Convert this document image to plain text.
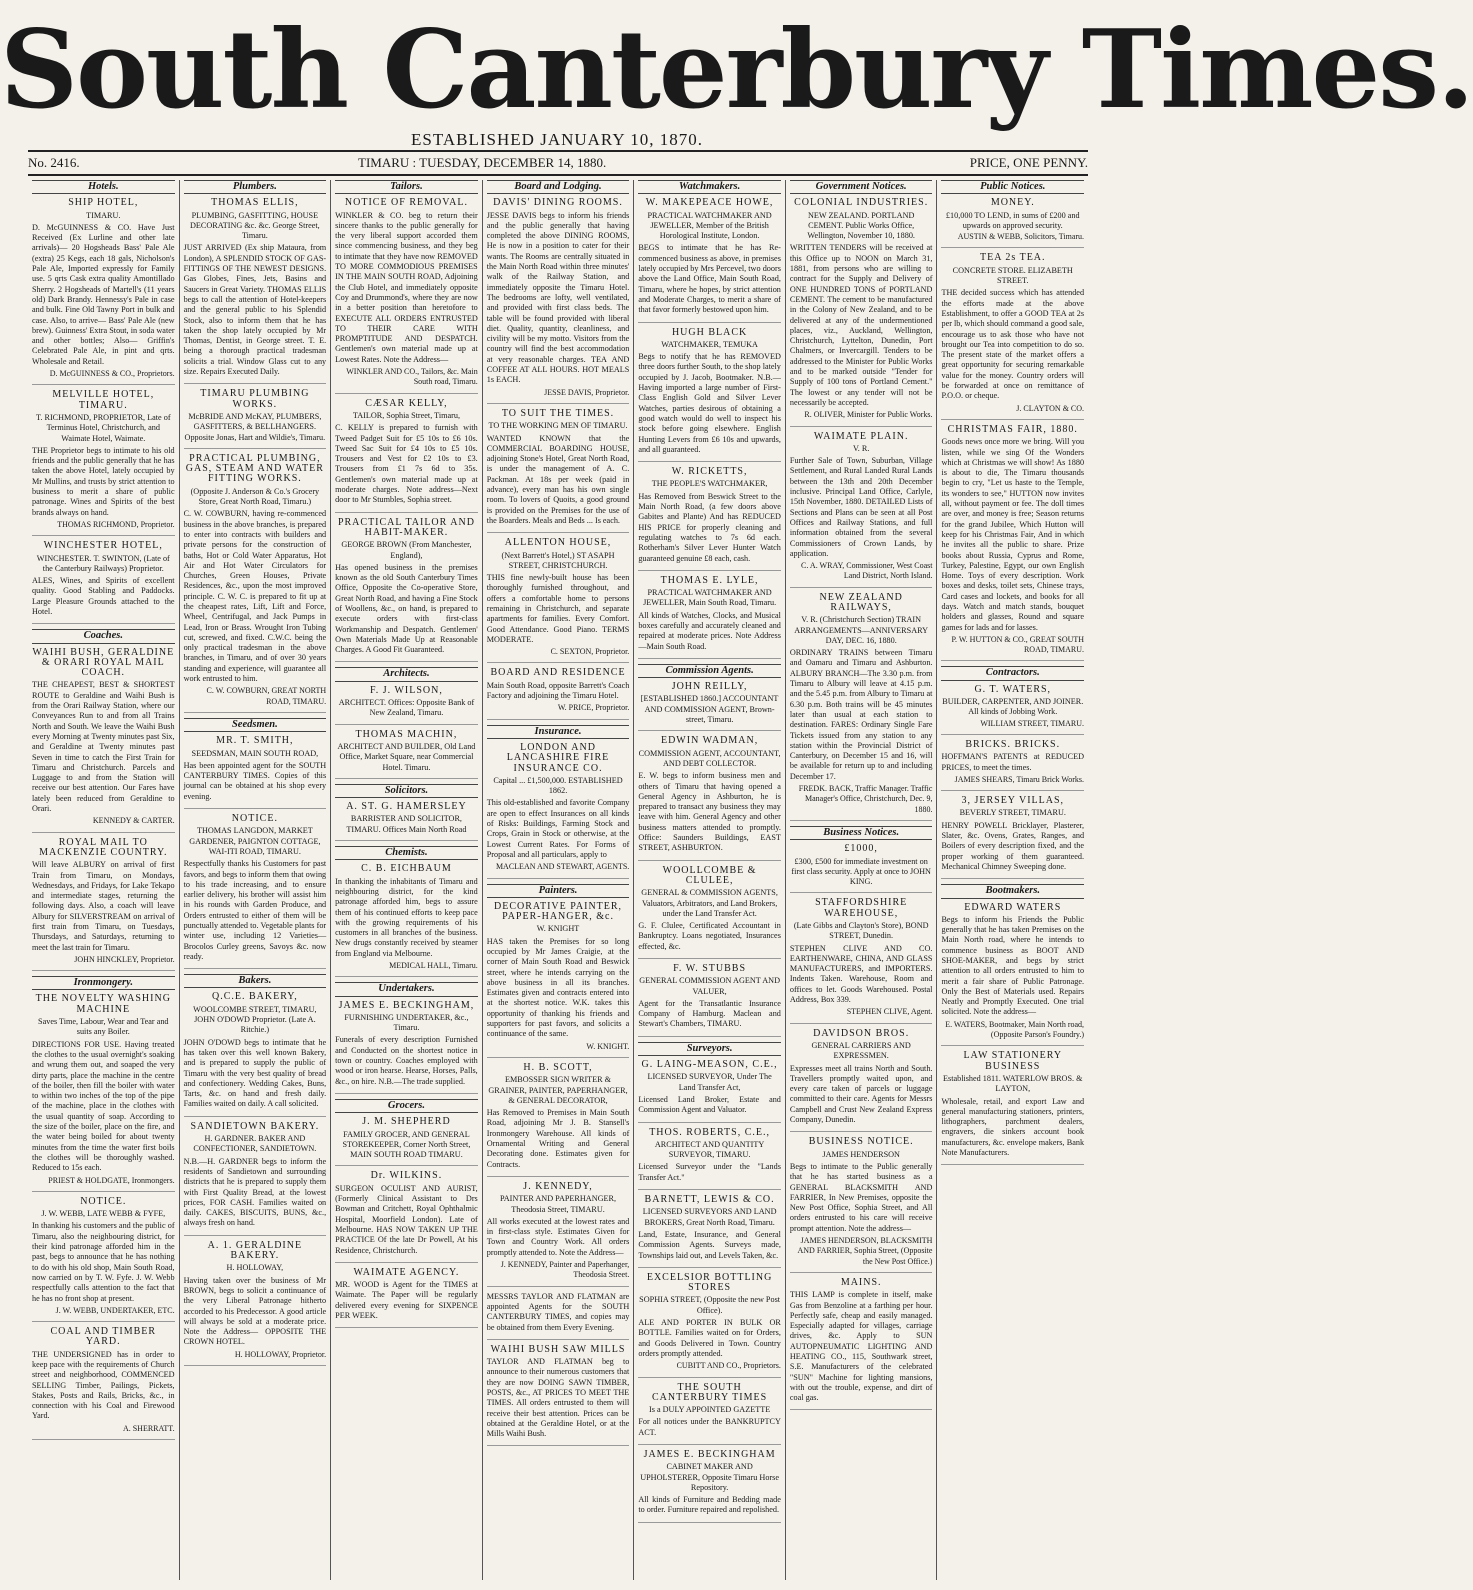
South Canterbury Times.
ESTABLISHED JANUARY 10, 1870.
No. 2416.	TIMARU : TUESDAY, DECEMBER 14, 1880.	PRICE, ONE PENNY.
Hotels.
SHIP HOTEL,
TIMARU.
D. McGUINNESS & CO. Have Just Received (Ex Lurline and other late arrivals)— 20 Hogsheads Bass' Pale Ale (extra) 25 Kegs, each 18 gals, Nicholson's Pale Ale, Imported expressly for Family use. 5 qrts Cask extra quality Amontillado Sherry. 2 Hogsheads of Martell's (11 years old) Dark Brandy. Hennessy's Pale in case and bulk. Fine Old Tawny Port in bulk and case. Also, to arrive— Bass' Pale Ale (new brew). Guinness' Extra Stout, in soda water and other bottles; Also— Griffin's Celebrated Pale Ale, in pint and qrts. Wholesale and Retail.
D. McGUINNESS & CO., Proprietors.
MELVILLE HOTEL, TIMARU.
T. RICHMOND, PROPRIETOR, Late of Terminus Hotel, Christchurch, and Waimate Hotel, Waimate.
THE Proprietor begs to intimate to his old friends and the public generally that he has taken the above Hotel, lately occupied by Mr Mullins, and trusts by strict attention to business to merit a share of public patronage. Wines and Spirits of the best brands always on hand.
THOMAS RICHMOND, Proprietor.
WINCHESTER HOTEL,
WINCHESTER. T. SWINTON, (Late of the Canterbury Railways) Proprietor.
ALES, Wines, and Spirits of excellent quality. Good Stabling and Paddocks. Large Pleasure Grounds attached to the Hotel.
Coaches.
WAIHI BUSH, GERALDINE & ORARI ROYAL MAIL COACH.
THE CHEAPEST, BEST & SHORTEST ROUTE to Geraldine and Waihi Bush is from the Orari Railway Station, where our Conveyances Run to and from all Trains North and South. We leave the Waihi Bush every Morning at Twenty minutes past Six, and Geraldine at Twenty minutes past Seven in time to catch the First Train for Timaru and Christchurch. Parcels and Luggage to and from the Station will receive our best attention. Our Fares have lately been reduced from Geraldine to Orari.
KENNEDY & CARTER.
ROYAL MAIL TO MACKENZIE COUNTRY.
Will leave ALBURY on arrival of first Train from Timaru, on Mondays, Wednesdays, and Fridays, for Lake Tekapo and intermediate stages, returning the following days. Also, a coach will leave Albury for SILVERSTREAM on arrival of first train from Timaru, on Tuesdays, Thursdays, and Saturdays, returning to meet the last train for Timaru.
JOHN HINCKLEY, Proprietor.
Ironmongery.
THE NOVELTY WASHING MACHINE
Saves Time, Labour, Wear and Tear and suits any Boiler.
DIRECTIONS FOR USE. Having treated the clothes to the usual overnight's soaking and wrung them out, and soaped the very dirty parts, place the machine in the centre of the boiler, then fill the boiler with water to within two inches of the top of the pipe of the machine, place in the clothes with the usual quantity of soap. According to the size of the boiler, place on the fire, and the water being boiled for about twenty minutes from the time the water first boils the clothes will be thoroughly washed. Reduced to 15s each.
PRIEST & HOLDGATE, Ironmongers.
NOTICE.
J. W. WEBB, LATE WEBB & FYFE,
In thanking his customers and the public of Timaru, also the neighbouring district, for their kind patronage afforded him in the past, begs to announce that he has nothing to do with his old shop, Main South Road, now carried on by T. W. Fyfe. J. W. Webb respectfully calls attention to the fact that he has no front shop at present.
J. W. WEBB, UNDERTAKER, ETC.
COAL AND TIMBER YARD.
THE UNDERSIGNED has in order to keep pace with the requirements of Church street and neighborhood, COMMENCED SELLING Timber, Pailings, Pickets, Stakes, Posts and Rails, Bricks, &c., in connection with his Coal and Firewood Yard.
A. SHERRATT.
Plumbers.
THOMAS ELLIS,
PLUMBING, GASFITTING, HOUSE DECORATING &c. &c. George Street, Timaru.
JUST ARRIVED (Ex ship Mataura, from London), A SPLENDID STOCK OF GAS-FITTINGS OF THE NEWEST DESIGNS. Gas Globes, Fines, Jets, Basins and Saucers in Great Variety. THOMAS ELLIS begs to call the attention of Hotel-keepers and the general public to his Splendid Stock, also to inform them that he has taken the shop lately occupied by Mr Thomas, Dentist, in George street. T. E. being a thorough practical tradesman solicits a trial. Window Glass cut to any size. Repairs Executed Daily.
TIMARU PLUMBING WORKS.
McBRIDE AND McKAY, PLUMBERS, GASFITTERS, & BELLHANGERS. Opposite Jonas, Hart and Wildie's, Timaru.
PRACTICAL PLUMBING, GAS, STEAM AND WATER FITTING WORKS.
(Opposite J. Anderson & Co.'s Grocery Store, Great North Road, Timaru.)
C. W. COWBURN, having re-commenced business in the above branches, is prepared to enter into contracts with builders and private persons for the construction of baths, Hot or Cold Water Apparatus, Hot Air and Hot Water Circulators for Churches, Green Houses, Private Residences, &c., upon the most improved principle. C. W. C. is prepared to fit up at the cheapest rates, Lift, Lift and Force, Wheel, Centrifugal, and Jack Pumps in Lead, Iron or Brass. Wrought Iron Tubing cut, screwed, and fixed. C.W.C. being the only practical tradesman in the above branches, in Timaru, and of over 30 years standing and experience, will guarantee all work entrusted to him.
C. W. COWBURN, GREAT NORTH ROAD, TIMARU.
Seedsmen.
MR. T. SMITH,
SEEDSMAN, MAIN SOUTH ROAD,
Has been appointed agent for the SOUTH CANTERBURY TIMES. Copies of this journal can be obtained at his shop every evening.
NOTICE.
THOMAS LANGDON, MARKET GARDENER, PAIGNTON COTTAGE, WAI-ITI ROAD, TIMARU.
Respectfully thanks his Customers for past favors, and begs to inform them that owing to his trade increasing, and to ensure earlier delivery, his brother will assist him in his rounds with Garden Produce, and Orders entrusted to either of them will be punctually attended to. Vegetable plants for winter use, including 12 Varieties—Brocolos Curley greens, Savoys &c. now ready.
Bakers.
Q.C.E. BAKERY,
WOOLCOMBE STREET, TIMARU, JOHN O'DOWD Proprietor. (Late A. Ritchie.)
JOHN O'DOWD begs to intimate that he has taken over this well known Bakery, and is prepared to supply the public of Timaru with the very best quality of bread and confectionery. Wedding Cakes, Buns, Tarts, &c. on hand and fresh daily. Families waited on daily. A call solicited.
SANDIETOWN BAKERY.
H. GARDNER. BAKER AND CONFECTIONER, SANDIETOWN.
N.B.—H. GARDNER begs to inform the residents of Sandietown and surrounding districts that he is prepared to supply them with First Quality Bread, at the lowest prices, FOR CASH. Families waited on daily. CAKES, BISCUITS, BUNS, &c., always fresh on hand.
A. 1. GERALDINE BAKERY.
H. HOLLOWAY,
Having taken over the business of Mr BROWN, begs to solicit a continuance of the very Liberal Patronage hitherto accorded to his Predecessor. A good article will always be sold at a moderate price. Note the Address— OPPOSITE THE CROWN HOTEL.
H. HOLLOWAY, Proprietor.
Tailors.
NOTICE OF REMOVAL.
WINKLER & CO. beg to return their sincere thanks to the public generally for the very liberal support accorded them since commencing business, and they beg to intimate that they have now REMOVED TO MORE COMMODIOUS PREMISES IN THE MAIN SOUTH ROAD, Adjoining the Club Hotel, and immediately opposite Coy and Drummond's, where they are now in a better position than heretofore to EXECUTE ALL ORDERS ENTRUSTED TO THEIR CARE WITH PROMPTITUDE AND DESPATCH. Gentlemen's own material made up at Lowest Rates. Note the Address—
WINKLER AND CO., Tailors, &c. Main South road, Timaru.
CÆSAR KELLY,
TAILOR, Sophia Street, Timaru,
C. KELLY is prepared to furnish with Tweed Padget Suit for £5 10s to £6 10s. Tweed Sac Suit for £4 10s to £5 10s. Trousers and Vest for £2 10s to £3. Trousers from £1 7s 6d to 35s. Gentlemen's own material made up at moderate charges. Note address—Next door to Mr Stumbles, Sophia street.
PRACTICAL TAILOR AND HABIT-MAKER.
GEORGE BROWN (From Manchester, England),
Has opened business in the premises known as the old South Canterbury Times Office, Opposite the Co-operative Store, Great North Road, and having a Fine Stock of Woollens, &c., on hand, is prepared to execute orders with first-class Workmanship and Despatch. Gentlemen' Own Materials Made Up at Reasonable Charges. A Good Fit Guaranteed.
Architects.
F. J. WILSON,
ARCHITECT. Offices: Opposite Bank of New Zealand, Timaru.
THOMAS MACHIN,
ARCHITECT AND BUILDER, Old Land Office, Market Square, near Commercial Hotel. Timaru.
Solicitors.
A. ST. G. HAMERSLEY
BARRISTER AND SOLICITOR, TIMARU. Offices Main North Road
Chemists.
C. B. EICHBAUM
In thanking the inhabitants of Timaru and neighbouring district, for the kind patronage afforded him, begs to assure them of his continued efforts to keep pace with the growing requirements of his customers in all branches of the business. New drugs constantly received by steamer from England via Melbourne.
MEDICAL HALL, Timaru.
Undertakers.
JAMES E. BECKINGHAM,
FURNISHING UNDERTAKER, &c., Timaru.
Funerals of every description Furnished and Conducted on the shortest notice in town or country. Coaches employed with wood or iron hearse. Hearse, Horses, Palls, &c., on hire. N.B.—The trade supplied.
Grocers.
J. M. SHEPHERD
FAMILY GROCER, AND GENERAL STOREKEEPER, Corner North Street, MAIN SOUTH ROAD TIMARU.
Dr. WILKINS.
SURGEON OCULIST AND AURIST, (Formerly Clinical Assistant to Drs Bowman and Critchett, Royal Ophthalmic Hospital, Moorfield London). Late of Melbourne. HAS NOW TAKEN UP THE PRACTICE Of the late Dr Powell, At his Residence, Christchurch.
WAIMATE AGENCY.
MR. WOOD is Agent for the TIMES at Waimate. The Paper will be regularly delivered every evening for SIXPENCE PER WEEK.
Board and Lodging.
DAVIS' DINING ROOMS.
JESSE DAVIS begs to inform his friends and the public generally that having completed the above DINING ROOMS, He is now in a position to cater for their wants. The Rooms are centrally situated in the Main North Road within three minutes' walk of the Railway Station, and immediately opposite the Timaru Hotel. The bedrooms are lofty, well ventilated, and provided with first class beds. The table will be found provided with liberal diet. Quality, quantity, cleanliness, and civility will be my motto. Visitors from the country will find the best accommodation at very reasonable charges. TEA AND COFFEE AT ALL HOURS. HOT MEALS 1s EACH.
JESSE DAVIS, Proprietor.
TO SUIT THE TIMES.
TO THE WORKING MEN OF TIMARU.
WANTED KNOWN that the COMMERCIAL BOARDING HOUSE, adjoining Stone's Hotel, Great North Road, is under the management of A. C. Packman. At 18s per week (paid in advance), every man has his own single room. To lovers of Quoits, a good ground is provided on the Premises for the use of the Boarders. Meals and Beds ... Is each.
ALLENTON HOUSE,
(Next Barrett's Hotel,) ST ASAPH STREET, CHRISTCHURCH.
THIS fine newly-built house has been thoroughly furnished throughout, and offers a comfortable home to persons remaining in Christchurch, and separate apartments for families. Every Comfort. Good Attendance. Good Piano. TERMS MODERATE.
C. SEXTON, Proprietor.
BOARD AND RESIDENCE
Main South Road, opposite Barrett's Coach Factory and adjoining the Timaru Hotel.
W. PRICE, Proprietor.
Insurance.
LONDON AND LANCASHIRE FIRE INSURANCE CO.
Capital ... £1,500,000. ESTABLISHED 1862.
This old-established and favorite Company are open to effect Insurances on all kinds of Risks: Buildings, Farming Stock and Crops, Grain in Stock or otherwise, at the Lowest Current Rates. For Forms of Proposal and all particulars, apply to
MACLEAN AND STEWART, AGENTS.
Painters.
DECORATIVE PAINTER, PAPER-HANGER, &c.
W. KNIGHT
HAS taken the Premises for so long occupied by Mr James Craigie, at the corner of Main South Road and Beswick street, where he intends carrying on the above business in all its branches. Estimates given and contracts entered into at the shortest notice. W.K. takes this opportunity of thanking his friends and supporters for past favors, and solicits a continuance of the same.
W. KNIGHT.
H. B. SCOTT,
EMBOSSER SIGN WRITER & GRAINER, PAINTER, PAPERHANGER, & GENERAL DECORATOR,
Has Removed to Premises in Main South Road, adjoining Mr J. B. Stansell's Ironmongery Warehouse. All kinds of Ornamental Writing and General Decorating done. Estimates given for Contracts.
J. KENNEDY,
PAINTER AND PAPERHANGER, Theodosia Street, TIMARU.
All works executed at the lowest rates and in first-class style. Estimates Given for Town and Country Work. All orders promptly attended to. Note the Address—
J. KENNEDY, Painter and Paperhanger, Theodosia Street.
MESSRS TAYLOR AND FLATMAN are appointed Agents for the SOUTH CANTERBURY TIMES, and copies may be obtained from them Every Evening.
WAIHI BUSH SAW MILLS
TAYLOR AND FLATMAN beg to announce to their numerous customers that they are now DOING SAWN TIMBER, POSTS, &c., AT PRICES TO MEET THE TIMES. All orders entrusted to them will receive their best attention. Prices can be obtained at the Geraldine Hotel, or at the Mills Waihi Bush.
Watchmakers.
W. MAKEPEACE HOWE,
PRACTICAL WATCHMAKER AND JEWELLER, Member of the British Horological Institute, London.
BEGS to intimate that he has Re-commenced business as above, in premises lately occupied by Mrs Percevel, two doors above the Land Office, Main South Road, Timaru, where he hopes, by strict attention and Moderate Charges, to merit a share of that favor formerly bestowed upon him.
HUGH BLACK
WATCHMAKER, TEMUKA
Begs to notify that he has REMOVED three doors further South, to the shop lately occupied by J. Jacob, Bootmaker. N.B.—Having imported a large number of First-Class English Gold and Silver Lever Watches, parties desirous of obtaining a good watch would do well to inspect his stock before going elsewhere. English Hunting Levers from £6 10s and upwards, and all guaranteed.
W. RICKETTS,
THE PEOPLE'S WATCHMAKER,
Has Removed from Beswick Street to the Main North Road, (a few doors above Gabites and Plante) And has REDUCED HIS PRICE for properly cleaning and regulating watches to 7s 6d each. Rotherham's Silver Lever Hunter Watch guaranteed genuine £8 each, cash.
THOMAS E. LYLE,
PRACTICAL WATCHMAKER AND JEWELLER, Main South Road, Timaru.
All kinds of Watches, Clocks, and Musical boxes carefully and accurately cleaned and repaired at moderate prices. Note Address—Main South Road.
Commission Agents.
JOHN REILLY,
[ESTABLISHED 1860.] ACCOUNTANT AND COMMISSION AGENT, Brown-street, Timaru.
EDWIN WADMAN,
COMMISSION AGENT, ACCOUNTANT, AND DEBT COLLECTOR.
E. W. begs to inform business men and others of Timaru that having opened a General Agency in Ashburton, he is prepared to transact any business they may leave with him. General Agency and other business matters attended to promptly. Office: Saunders Buildings, EAST STREET, ASHBURTON.
WOOLLCOMBE & CLULEE,
GENERAL & COMMISSION AGENTS, Valuators, Arbitrators, and Land Brokers, under the Land Transfer Act.
G. F. Clulee, Certificated Accountant in Bankruptcy. Loans negotiated, Insurances effected, &c.
F. W. STUBBS
GENERAL COMMISSION AGENT AND VALUER,
Agent for the Transatlantic Insurance Company of Hamburg. Maclean and Stewart's Chambers, TIMARU.
Surveyors.
G. LAING-MEASON, C.E.,
LICENSED SURVEYOR, Under The Land Transfer Act,
Licensed Land Broker, Estate and Commission Agent and Valuator.
THOS. ROBERTS, C.E.,
ARCHITECT AND QUANTITY SURVEYOR, TIMARU.
Licensed Surveyor under the "Lands Transfer Act."
BARNETT, LEWIS & CO.
LICENSED SURVEYORS AND LAND BROKERS, Great North Road, Timaru.
Land, Estate, Insurance, and General Commission Agents. Surveys made, Townships laid out, and Levels Taken, &c.
EXCELSIOR BOTTLING STORES
SOPHIA STREET, (Opposite the new Post Office).
ALE AND PORTER IN BULK OR BOTTLE. Families waited on for Orders, and Goods Delivered in Town. Country orders promptly attended.
CUBITT AND CO., Proprietors.
THE SOUTH CANTERBURY TIMES
Is a DULY APPOINTED GAZETTE
For all notices under the BANKRUPTCY ACT.
JAMES E. BECKINGHAM
CABINET MAKER AND UPHOLSTERER, Opposite Timaru Horse Repository.
All kinds of Furniture and Bedding made to order. Furniture repaired and repolished.
Government Notices.
COLONIAL INDUSTRIES.
NEW ZEALAND. PORTLAND CEMENT. Public Works Office, Wellington, November 10, 1880.
WRITTEN TENDERS will be received at this Office up to NOON on March 31, 1881, from persons who are willing to contract for the Supply and Delivery of ONE HUNDRED TONS of PORTLAND CEMENT. The cement to be manufactured in the Colony of New Zealand, and to be delivered at any of the undermentioned places, viz., Auckland, Wellington, Christchurch, Lyttelton, Dunedin, Port Chalmers, or Invercargill. Tenders to be addressed to the Minister for Public Works and to be marked outside "Tender for Supply of 100 tons of Portland Cement." The lowest or any tender will not be necessarily be accepted.
R. OLIVER, Minister for Public Works.
WAIMATE PLAIN.
V. R.
Further Sale of Town, Suburban, Village Settlement, and Rural Landed Rural Lands between the 13th and 20th December inclusive. Principal Land Office, Carlyle, 15th November, 1880. DETAILED Lists of Sections and Plans can be seen at all Post Offices and Railway Stations, and full information obtained from the several Commissioners of Crown Lands, by application.
C. A. WRAY, Commissioner, West Coast Land District, North Island.
NEW ZEALAND RAILWAYS,
V. R. (Christchurch Section) TRAIN ARRANGEMENTS—ANNIVERSARY DAY, DEC. 16, 1880.
ORDINARY TRAINS between Timaru and Oamaru and Timaru and Ashburton. ALBURY BRANCH—The 3.30 p.m. from Timaru to Albury will leave at 4.15 p.m. and the 5.45 p.m. from Albury to Timaru at 6.30 p.m. Both trains will be 45 minutes later than usual at each station to destination. FARES: Ordinary Single Fare Tickets issued from any station to any station within the Provincial District of Canterbury, on December 15 and 16, will be available for return up to and including December 17.
FREDK. BACK, Traffic Manager. Traffic Manager's Office, Christchurch, Dec. 9, 1880.
Business Notices.
£1000,
£300, £500 for immediate investment on first class security. Apply at once to JOHN KING.
STAFFORDSHIRE WAREHOUSE,
(Late Gibbs and Clayton's Store), BOND STREET, Dunedin.
STEPHEN CLIVE AND CO. EARTHENWARE, CHINA, AND GLASS MANUFACTURERS, and IMPORTERS. Indents Taken. Warehouse, Room and offices to let. Goods Warehoused. Postal Address, Box 339.
STEPHEN CLIVE, Agent.
DAVIDSON BROS.
GENERAL CARRIERS AND EXPRESSMEN.
Expresses meet all trains North and South. Travellers promptly waited upon, and every care taken of parcels or luggage committed to their care. Agents for Messrs Campbell and Crust New Zealand Express Company, Dunedin.
BUSINESS NOTICE.
JAMES HENDERSON
Begs to intimate to the Public generally that he has started business as a GENERAL BLACKSMITH AND FARRIER, In New Premises, opposite the New Post Office, Sophia Street, and All orders entrusted to his care will receive prompt attention. Note the address—
JAMES HENDERSON, BLACKSMITH AND FARRIER, Sophia Street, (Opposite the New Post Office.)
MAINS.
THIS LAMP is complete in itself, make Gas from Benzoline at a farthing per hour. Perfectly safe, cheap and easily managed. Especially adapted for villages, carriage drives, &c. Apply to SUN AUTOPNEUMATIC LIGHTING AND HEATING CO., 115, Southwark street, S.E. Manufacturers of the celebrated "SUN" Machine for lighting mansions, with out the trouble, expense, and dirt of coal gas.
Public Notices.
MONEY.
£10,000 TO LEND, in sums of £200 and upwards on approved security.
AUSTIN & WEBB, Solicitors, Timaru.
TEA 2s TEA.
CONCRETE STORE. ELIZABETH STREET.
THE decided success which has attended the efforts made at the above Establishment, to offer a GOOD TEA at 2s per lb, which should command a good sale, encourage us to ask those who have not brought our Tea into competition to do so. The present state of the market offers a great opportunity for securing remarkable value for the money. Country orders will be forwarded at once on remittance of P.O.O. or cheque.
J. CLAYTON & CO.
CHRISTMAS FAIR, 1880.
Goods news once more we bring. Will you listen, while we sing Of the Wonders which at Christmas we will show! As 1880 is about to die, The Timaru thousands begin to cry, "Let us haste to the Temple, its wonders to see," HUTTON now invites all, without payment or fee. The doll times are over, and money is free; Season returns for the grand Jubilee, Which Hutton will keep for his Christmas Fair, And in which he invites all the public to share. Prize books about Russia, Cyprus and Rome, Turkey, Palestine, Egypt, our own English Home. Toys of every description. Work boxes and desks, toilet sets, Chinese trays, Card cases and lockets, and books for all days. Watch and match stands, bouquet holders and glasses, Round and square games for lads and for lasses.
P. W. HUTTON & CO., GREAT SOUTH ROAD, TIMARU.
Contractors.
G. T. WATERS,
BUILDER, CARPENTER, AND JOINER. All kinds of Jobbing Work.
WILLIAM STREET, TIMARU.
BRICKS. BRICKS.
HOFFMAN'S PATENTS at REDUCED PRICES, to meet the times.
JAMES SHEARS, Timaru Brick Works.
3, JERSEY VILLAS,
BEVERLY STREET, TIMARU.
HENRY POWELL Bricklayer, Plasterer, Slater, &c. Ovens, Grates, Ranges, and Boilers of every description fixed, and the proper working of them guaranteed. Mechanical Chimney Sweeping done.
Bootmakers.
EDWARD WATERS
Begs to inform his Friends the Public generally that he has taken Premises on the Main North road, where he intends to commence business as BOOT AND SHOE-MAKER, and begs by strict attention to all orders entrusted to him to merit a fair share of Public Patronage. Only the Best of Materials used. Repairs Neatly and Promptly Executed. One trial solicited. Note the address—
E. WATERS, Bootmaker, Main North road, (Opposite Parson's Foundry.)
LAW STATIONERY BUSINESS
Established 1811. WATERLOW BROS. & LAYTON,
Wholesale, retail, and export Law and general manufacturing stationers, printers, lithographers, parchment dealers, engravers, die sinkers account book manufacturers, &c. envelope makers, Bank Note Manufacturers.
